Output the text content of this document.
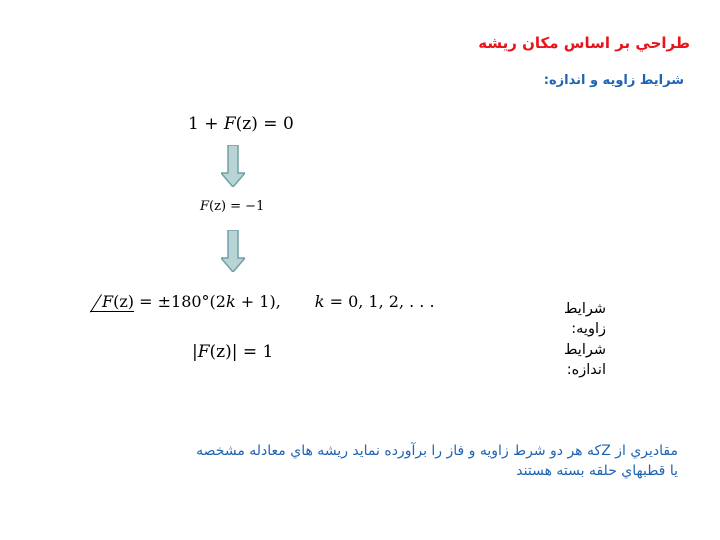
طراحي بر اساس مکان ريشه
شرايط زاويه و اندازه:
1 + F(z) = 0
F(z) = −1
F(z) = ±180°(2k + 1), k = 0, 1, 2, . . .
|F(z)| = 1
شرايط
زاويه:
شرايط
اندازه:
مقاديري از Zکه هر دو شرط زاويه و فاز را برآورده نمايد ريشه هاي معادله مشخصه
يا قطبهاي حلقه بسته هستند
